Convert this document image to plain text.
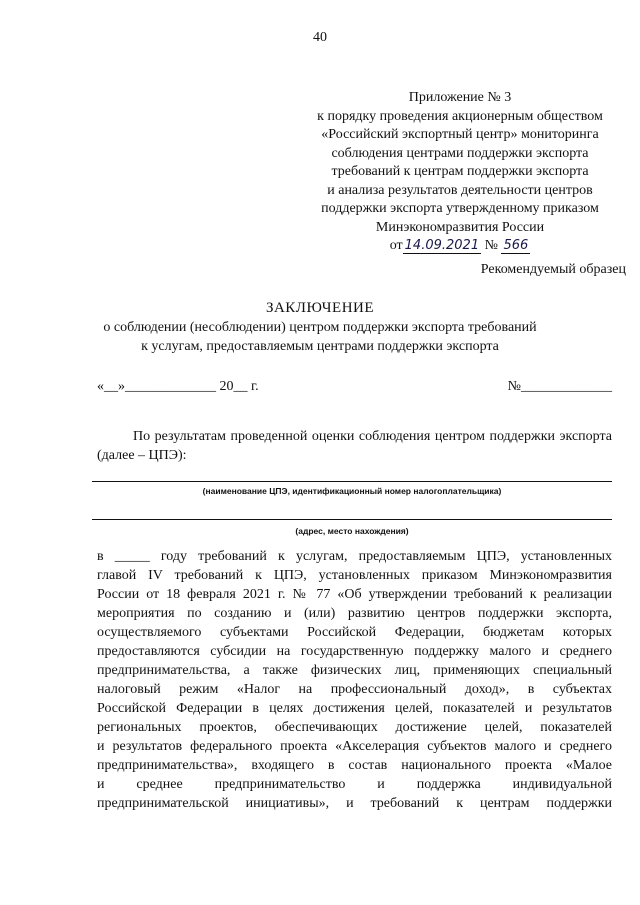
40
Приложение № 3
к порядку проведения акционерным обществом
«Российский экспортный центр» мониторинга
соблюдения центрами поддержки экспорта
требований к центрам поддержки экспорта
и анализа результатов деятельности центров
поддержки экспорта утвержденному приказом
Минэкономразвития России
от 14.09.2021 № 566
Рекомендуемый образец
ЗАКЛЮЧЕНИЕ
о соблюдении (несоблюдении) центром поддержки экспорта требований
к услугам, предоставляемым центрами поддержки экспорта
«__»_____________ 20__ г.	№_____________
По результатам проведенной оценки соблюдения центром поддержки экспорта (далее – ЦПЭ):
(наименование ЦПЭ, идентификационный номер налогоплательщика)
(адрес, место нахождения)
в _____ году требований к услугам, предоставляемым ЦПЭ, установленных
главой IV требований к ЦПЭ, установленных приказом Минэкономразвития
России от 18 февраля 2021 г. № 77 «Об утверждении требований к реализации
мероприятия по созданию и (или) развитию центров поддержки экспорта,
осуществляемого субъектами Российской Федерации, бюджетам которых
предоставляются субсидии на государственную поддержку малого и среднего
предпринимательства, а также физических лиц, применяющих специальный
налоговый режим «Налог на профессиональный доход», в субъектах
Российской Федерации в целях достижения целей, показателей и результатов
региональных проектов, обеспечивающих достижение целей, показателей
и результатов федерального проекта «Акселерация субъектов малого и среднего
предпринимательства», входящего в состав национального проекта «Малое
и среднее предпринимательство и поддержка индивидуальной
предпринимательской инициативы», и требований к центрам поддержки
